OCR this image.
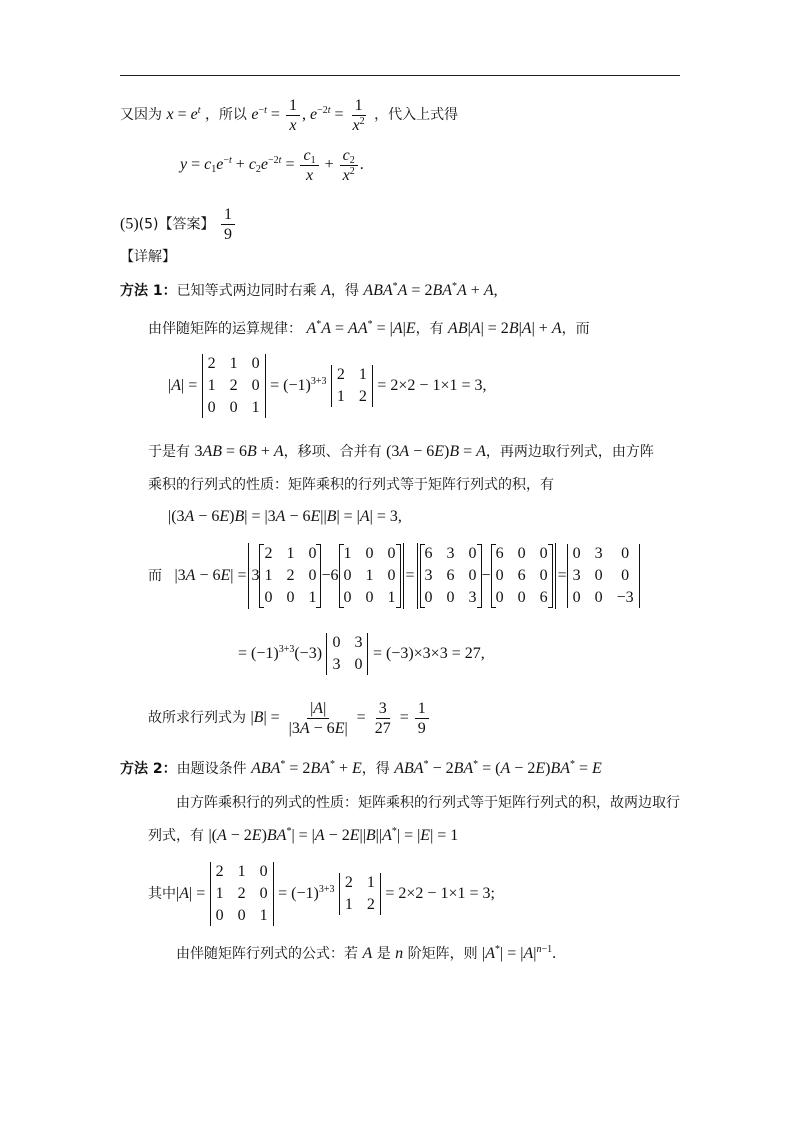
又因为 $x = e^t$ ，所以 $e^{-t} = \frac{1}{x}$ , $e^{-2t} = \frac{1}{x^2}$ ，代入上式得
$y = c_1e^{-t} + c_2e^{-2t} = \frac{c_1}{x} + \frac{c_2}{x^2}$ .
(5)(5)【答案】 $\frac{1}{9}$
【详解】
方法 1：已知等式两边同时右乘 A，得 ABA*A = 2BA*A + A,
由伴随矩阵的运算规律： A*A = AA* = |A|E，有 AB|A| = 2B|A| + A，而
|A| =
2 1 0
1 2 0
0 0 1
= $(-1)^{3+3}$ 2 1
1 2
= 2×2 − 1×1 = 3,
于是有 3AB = 6B + A，移项、合并有 (3A − 6E)B = A，再两边取行列式，由方阵
乘积的行列式的性质：矩阵乘积的行列式等于矩阵行列式的积，有
|(3A − 6E)B| = |3A − 6E||B| = |A| = 3,
而 |3A − 6E| = 3
2 1 0
1 2 0
0 0 1
−6
1 0 0
0 1 0
0 0 1
=
6 3 0
3 6 0
0 0 3
−
6 0 0
0 6 0
0 0 6
=
0 3 0
3 0 0
0 0 −3
= $(-1)^{3+3}(-3)$
0 3
3 0
= (−3)×3×3 = 27,
故所求行列式为 $|B| = \frac{|A|}{|3A - 6E|} = \frac{3}{27} = \frac{1}{9}$
方法 2：由题设条件 ABA* = 2BA* + E，得 ABA* − 2BA* = (A − 2E)BA* = E
由方阵乘积行的列式的性质：矩阵乘积的行列式等于矩阵行列式的积，故两边取行
列式，有 |(A − 2E)BA*| = |A − 2E||B||A*| = |E| = 1
其中|A| =
2 1 0
1 2 0
0 0 1
= $(-1)^{3+3}$ 2 1
1 2
= 2×2 − 1×1 = 3;
由伴随矩阵行列式的公式：若 A 是 n 阶矩阵，则 $|A^*| = |A|^{n-1}$.
